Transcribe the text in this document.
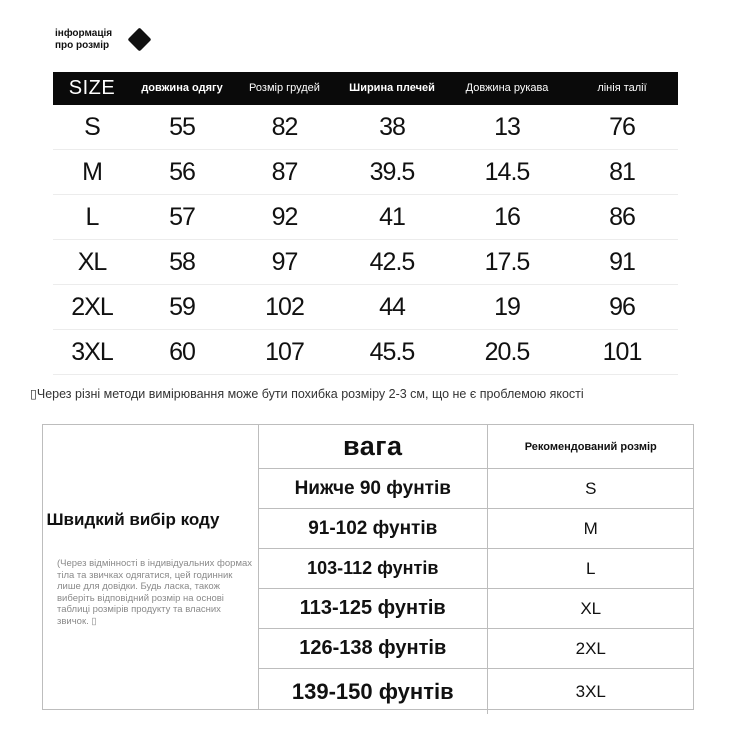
інформація
про розмір
SIZE	довжина одягу	Розмір грудей	Ширина плечей	Довжина рукава	лінія талії
S	55	82	38	13	76
M	56	87	39.5	14.5	81
L	57	92	41	16	86
XL	58	97	42.5	17.5	91
2XL	59	102	44	19	96
3XL	60	107	45.5	20.5	101
▯Через різні методи вимірювання може бути похибка розміру 2-3 см, що не є проблемою якості
Швидкий вибір коду
(Через відмінності в індивідуальних формах тіла та звичках одягатися, цей годинник лише для довідки. Будь ласка, також виберіть відповідний розмір на основі таблиці розмірів продукту та власних звичок. ▯
вага	Рекомендований розмір
Нижче 90 фунтів	S
91-102 фунтів	M
103-112 фунтів	L
113-125 фунтів	XL
126-138 фунтів	2XL
139-150 фунтів	3XL
